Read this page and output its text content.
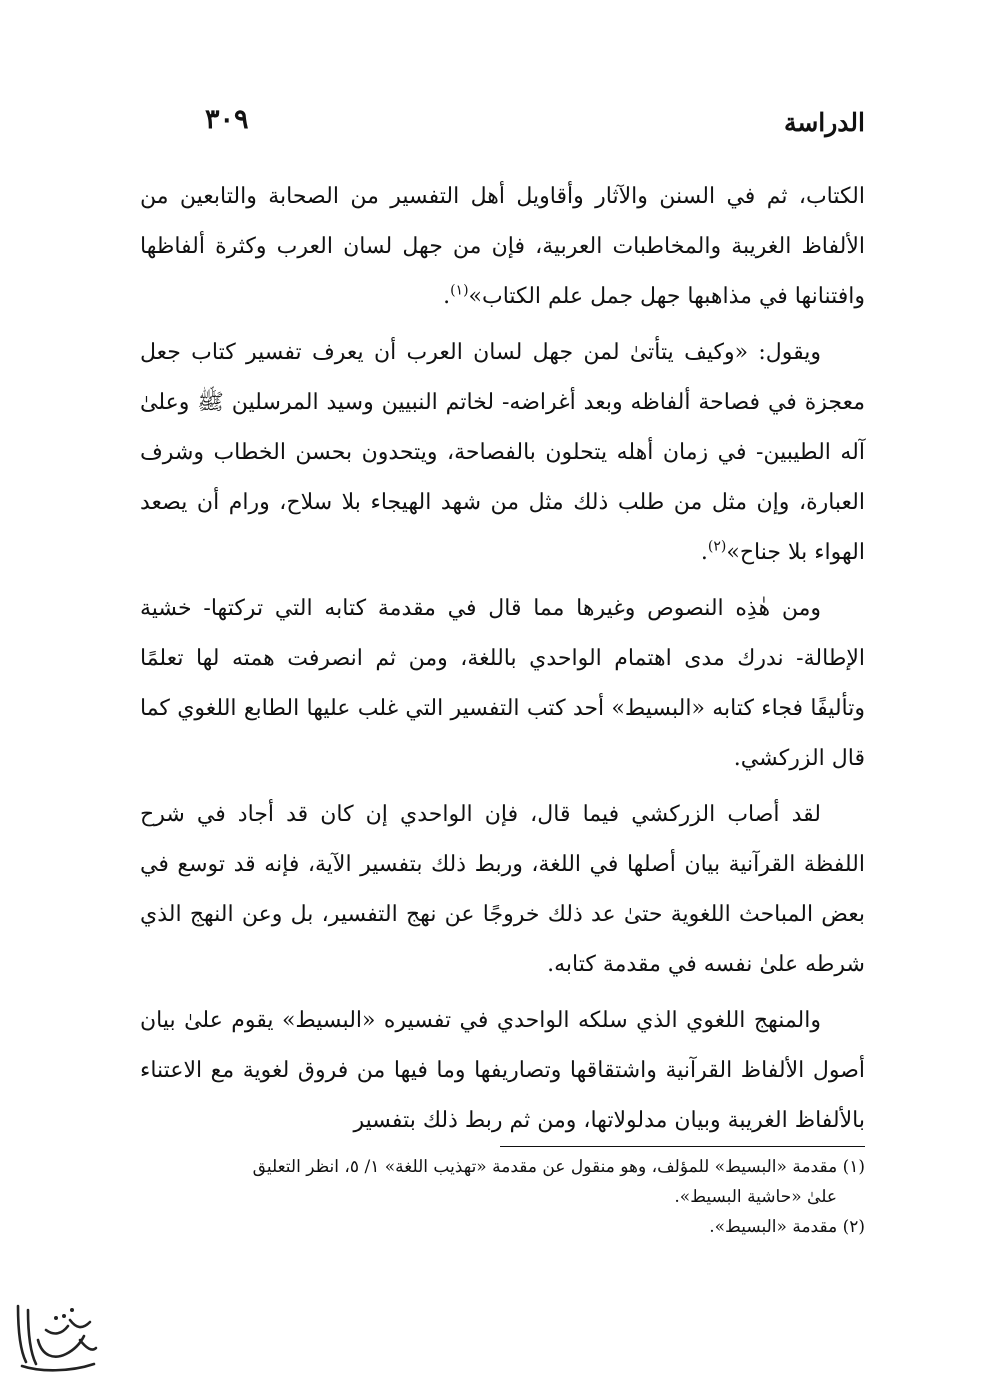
الدراسة
٣٠٩

الكتاب، ثم في السنن والآثار وأقاويل أهل التفسير من الصحابة والتابعين من الألفاظ الغريبة والمخاطبات العربية، فإن من جهل لسان العرب وكثرة ألفاظها وافتنانها في مذاهبها جهل جمل علم الكتاب»$^{(١)}$.

ويقول: «وكيف يتأتىٰ لمن جهل لسان العرب أن يعرف تفسير كتاب جعل معجزة في فصاحة ألفاظه وبعد أغراضه- لخاتم النبيين وسيد المرسلين ﷺ وعلىٰ آله الطيبين- في زمان أهله يتحلون بالفصاحة، ويتحدون بحسن الخطاب وشرف العبارة، وإن مثل من طلب ذلك مثل من شهد الهيجاء بلا سلاح، ورام أن يصعد الهواء بلا جناح»$^{(٢)}$.

ومن هٰذِه النصوص وغيرها مما قال في مقدمة كتابه التي تركتها- خشية الإطالة- ندرك مدى اهتمام الواحدي باللغة، ومن ثم انصرفت همته لها تعلمًا وتأليفًا فجاء كتابه «البسيط» أحد كتب التفسير التي غلب عليها الطابع اللغوي كما قال الزركشي.

لقد أصاب الزركشي فيما قال، فإن الواحدي إن كان قد أجاد في شرح اللفظة القرآنية بيان أصلها في اللغة، وربط ذلك بتفسير الآية، فإنه قد توسع في بعض المباحث اللغوية حتىٰ عد ذلك خروجًا عن نهج التفسير، بل وعن النهج الذي شرطه علىٰ نفسه في مقدمة كتابه.

والمنهج اللغوي الذي سلكه الواحدي في تفسيره «البسيط» يقوم علىٰ بيان أصول الألفاظ القرآنية واشتقاقها وتصاريفها وما فيها من فروق لغوية مع الاعتناء بالألفاظ الغريبة وبيان مدلولاتها، ومن ثم ربط ذلك بتفسير

(١) مقدمة «البسيط» للمؤلف، وهو منقول عن مقدمة «تهذيب اللغة» ١/ ٥، انظر التعليق
علىٰ «حاشية البسيط».

(٢) مقدمة «البسيط».
